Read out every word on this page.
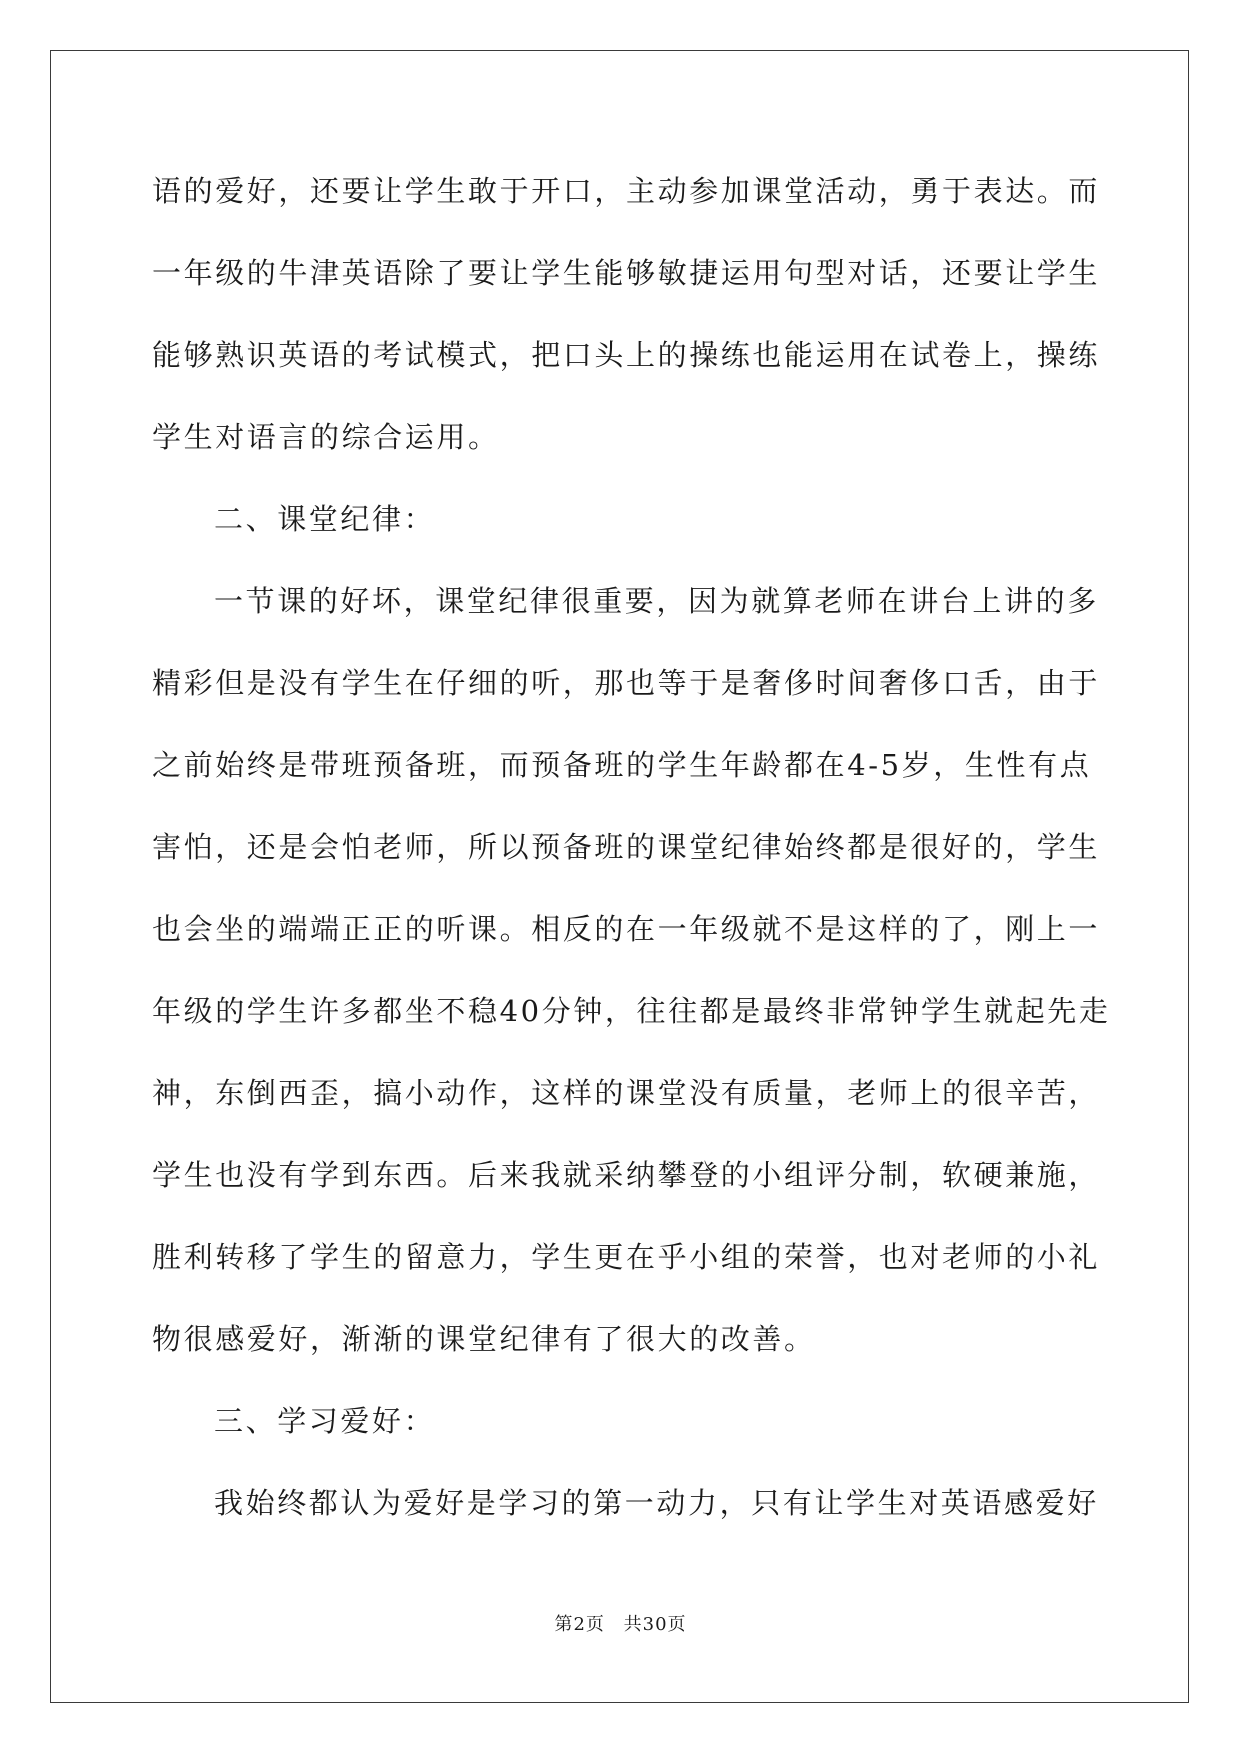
语的爱好，还要让学生敢于开口，主动参加课堂活动，勇于表达。而
一年级的牛津英语除了要让学生能够敏捷运用句型对话，还要让学生
能够熟识英语的考试模式，把口头上的操练也能运用在试卷上，操练
学生对语言的综合运用。
二、课堂纪律：
一节课的好坏，课堂纪律很重要，因为就算老师在讲台上讲的多
精彩但是没有学生在仔细的听，那也等于是奢侈时间奢侈口舌，由于
之前始终是带班预备班，而预备班的学生年龄都在4-5岁，生性有点
害怕，还是会怕老师，所以预备班的课堂纪律始终都是很好的，学生
也会坐的端端正正的听课。相反的在一年级就不是这样的了，刚上一
年级的学生许多都坐不稳40分钟，往往都是最终非常钟学生就起先走
神，东倒西歪，搞小动作，这样的课堂没有质量，老师上的很辛苦，
学生也没有学到东西。后来我就采纳攀登的小组评分制，软硬兼施，
胜利转移了学生的留意力，学生更在乎小组的荣誉，也对老师的小礼
物很感爱好，渐渐的课堂纪律有了很大的改善。
三、学习爱好：
我始终都认为爱好是学习的第一动力，只有让学生对英语感爱好
第2页 共30页
